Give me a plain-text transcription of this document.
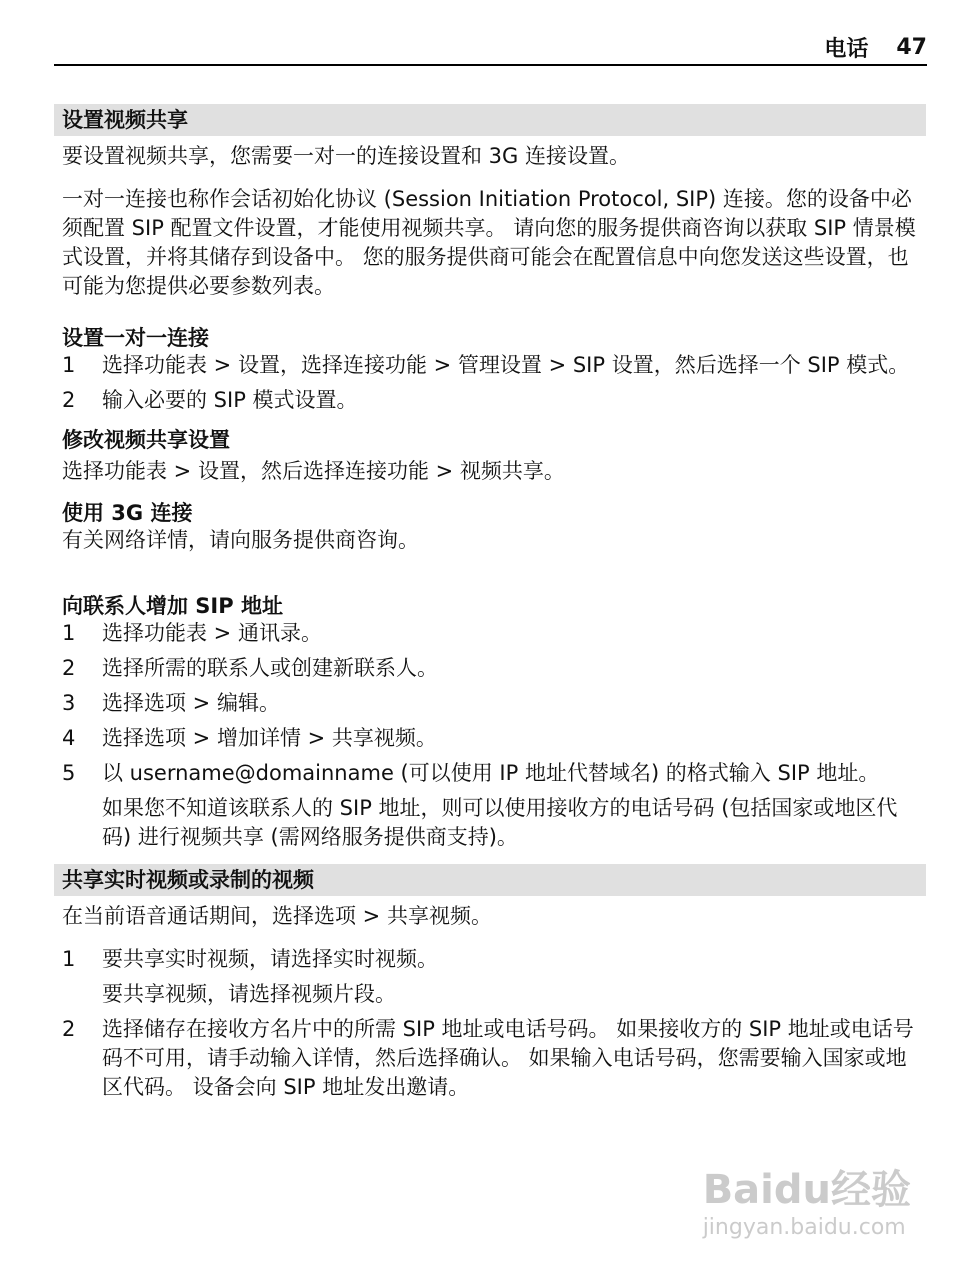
电话 47
设置视频共享

要设置视频共享，您需要一对一的连接设置和 3G 连接设置。

一对一连接也称作会话初始化协议 (Session Initiation Protocol, SIP) 连接。您的设备中必须配置 SIP 配置文件设置，才能使用视频共享。 请向您的服务提供商咨询以获取 SIP 情景模式设置，并将其储存到设备中。 您的服务提供商可能会在配置信息中向您发送这些设置，也可能为您提供必要参数列表。

设置一对一连接
1	选择功能表 > 设置，选择连接功能 > 管理设置 > SIP 设置，然后选择一个 SIP 模式。
2	输入必要的 SIP 模式设置。
修改视频共享设置

选择功能表 > 设置，然后选择连接功能 > 视频共享。

使用 3G 连接

有关网络详情，请向服务提供商咨询。

向联系人增加 SIP 地址
1	选择功能表 > 通讯录。
2	选择所需的联系人或创建新联系人。
3	选择选项 > 编辑。
4	选择选项 > 增加详情 > 共享视频。
5	以 username@domainname (可以使用 IP 地址代替域名) 的格式输入 SIP 地址。
如果您不知道该联系人的 SIP 地址，则可以使用接收方的电话号码 (包括国家或地区代码) 进行视频共享 (需网络服务提供商支持)。
共享实时视频或录制的视频

在当前语音通话期间，选择选项 > 共享视频。

1	要共享实时视频，请选择实时视频。
要共享视频，请选择视频片段。
2	选择储存在接收方名片中的所需 SIP 地址或电话号码。 如果接收方的 SIP 地址或电话号码不可用，请手动输入详情，然后选择确认。 如果输入电话号码，您需要输入国家或地区代码。 设备会向 SIP 地址发出邀请。
Baidu经验
jingyan.baidu.com
